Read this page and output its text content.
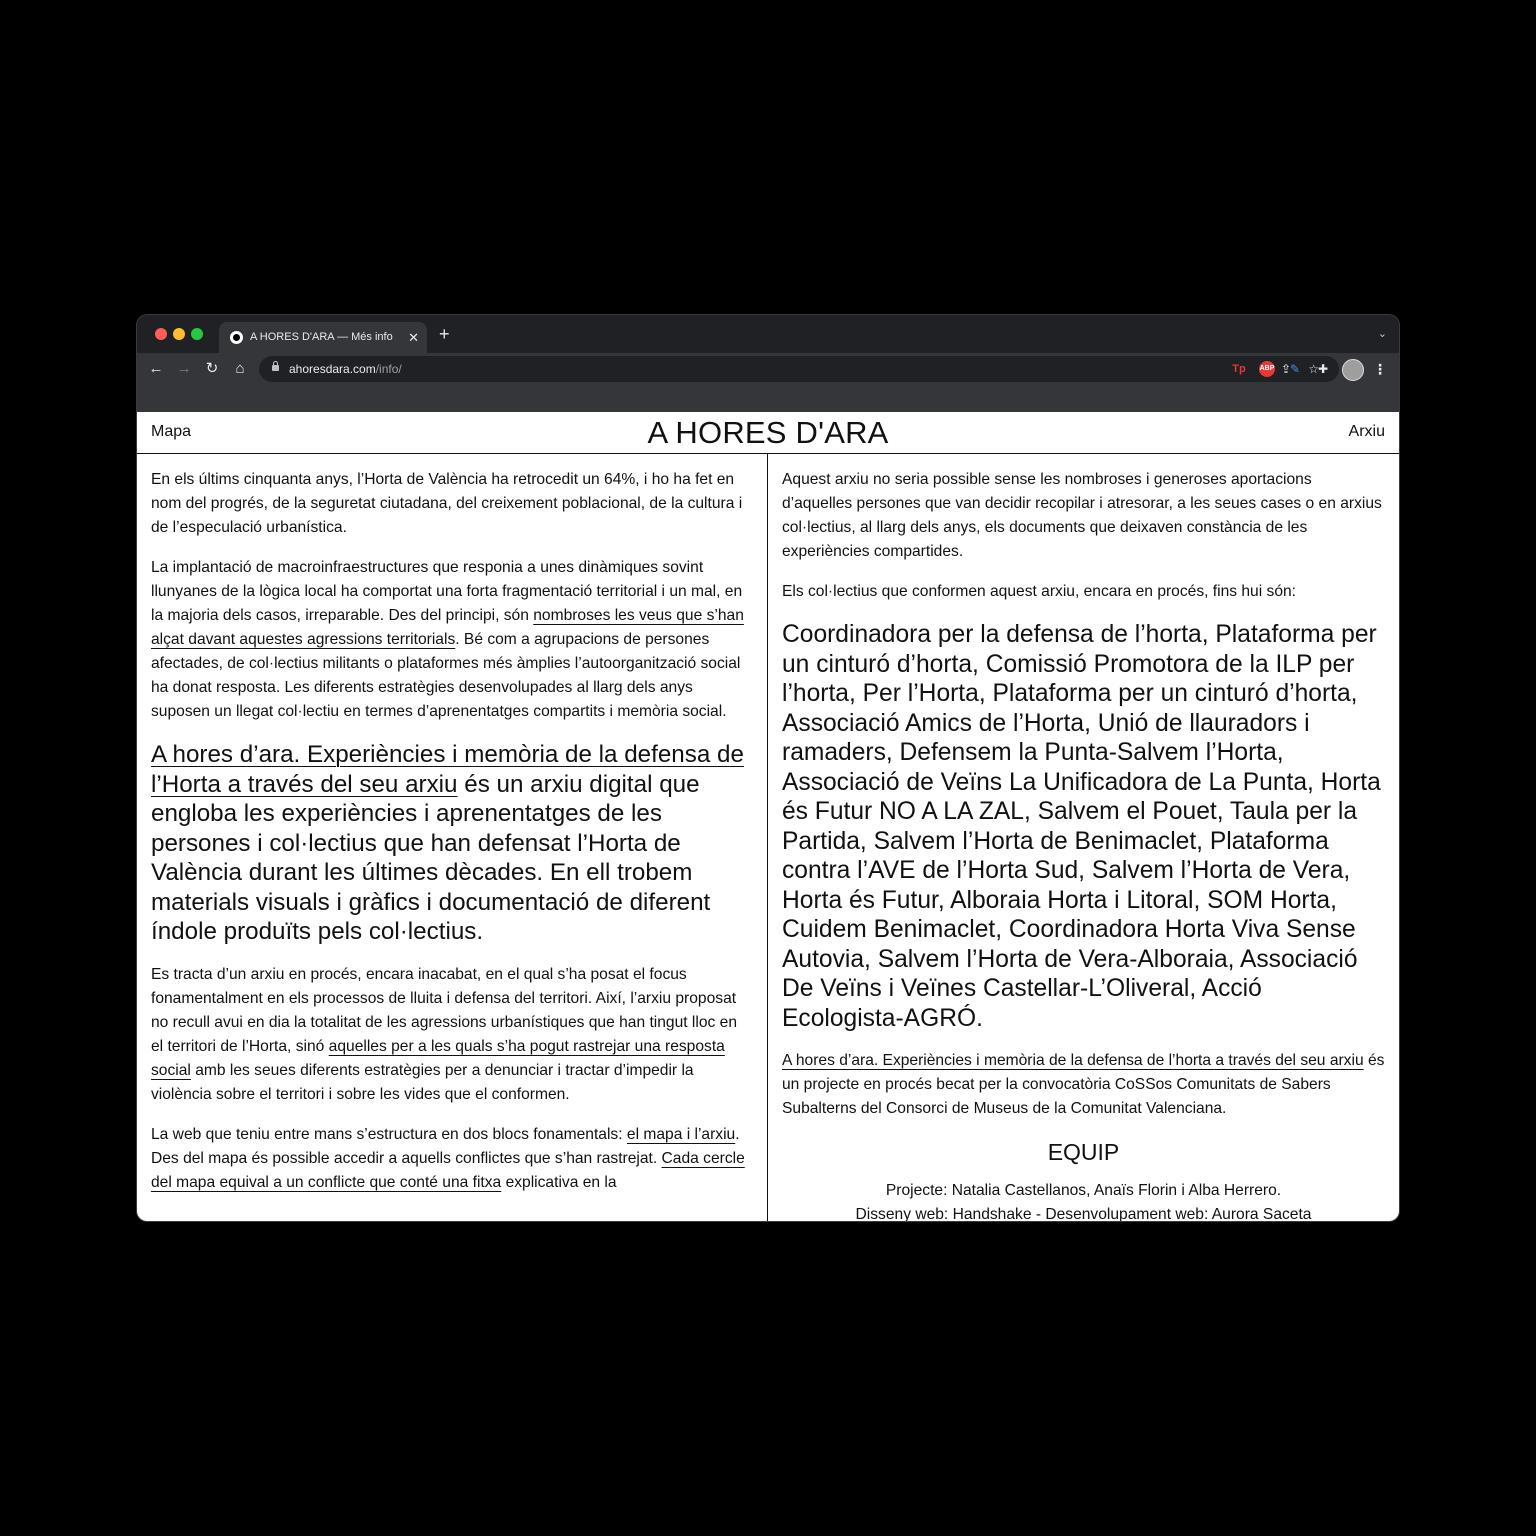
A HORES D'ARA — Més info ✕ +	⌄
← → ↻	⌂	ahoresdara.com/info/	⇪ ☆
Tp ABP ✎ ✚	⋮
Mapa	A HORES D'ARA	Arxiu

En els últims cinquanta anys, l’Horta de València ha retrocedit un 64%, i ho ha fet en nom del progrés, de la seguretat ciutadana, del creixement poblacional, de la cultura i de l’especulació urbanística.

La implantació de macroinfraestructures que responia a unes dinàmiques sovint llunyanes de la lògica local ha comportat una forta fragmentació territorial i un mal, en la majoria dels casos, irreparable. Des del principi, són nombroses les veus que s’han alçat davant aquestes agressions territorials. Bé com a agrupacions de persones afectades, de col·lectius militants o plataformes més àmplies l’autoorganització social ha donat resposta. Les diferents estratègies desenvolupades al llarg dels anys suposen un llegat col·lectiu en termes d’aprenentatges compartits i memòria social.

A hores d’ara. Experiències i memòria de la defensa de l’Horta a través del seu arxiu és un arxiu digital que engloba les experiències i aprenentatges de les persones i col·lectius que han defensat l’Horta de València durant les últimes dècades. En ell trobem materials visuals i gràfics i documentació de diferent índole produïts pels col·lectius.

Es tracta d’un arxiu en procés, encara inacabat, en el qual s’ha posat el focus fonamentalment en els processos de lluita i defensa del territori. Així, l’arxiu proposat no recull avui en dia la totalitat de les agressions urbanístiques que han tingut lloc en el territori de l’Horta, sinó aquelles per a les quals s’ha pogut rastrejar una resposta social amb les seues diferents estratègies per a denunciar i tractar d’impedir la violència sobre el territori i sobre les vides que el conformen.

La web que teniu entre mans s’estructura en dos blocs fonamentals: el mapa i l’arxiu. Des del mapa és possible accedir a aquells conflictes que s’han rastrejat. Cada cercle del mapa equival a un conflicte que conté una fitxa explicativa en la

Aquest arxiu no seria possible sense les nombroses i generoses aportacions d’aquelles persones que van decidir recopilar i atresorar, a les seues cases o en arxius col·lectius, al llarg dels anys, els documents que deixaven constància de les experiències compartides.

Els col·lectius que conformen aquest arxiu, encara en procés, fins hui són:

Coordinadora per la defensa de l’horta, Plataforma per un cinturó d’horta, Comissió Promotora de la ILP per l’horta, Per l’Horta, Plataforma per un cinturó d’horta, Associació Amics de l’Horta, Unió de llauradors i ramaders, Defensem la Punta-Salvem l’Horta, Associació de Veïns La Unificadora de La Punta, Horta és Futur NO A LA ZAL, Salvem el Pouet, Taula per la Partida, Salvem l’Horta de Benimaclet, Plataforma contra l’AVE de l’Horta Sud, Salvem l’Horta de Vera, Horta és Futur, Alboraia Horta i Litoral, SOM Horta, Cuidem Benimaclet, Coordinadora Horta Viva Sense Autovia, Salvem l’Horta de Vera-Alboraia, Associació De Veïns i Veïnes Castellar-L’Oliveral, Acció Ecologista-AGRÓ.

A hores d’ara. Experiències i memòria de la defensa de l’horta a través del seu arxiu és un projecte en procés becat per la convocatòria CoSSos Comunitats de Sabers Subalterns del Consorci de Museus de la Comunitat Valenciana.

EQUIP

Projecte: Natalia Castellanos, Anaïs Florin i Alba Herrero.

Disseny web: Handshake - Desenvolupament web: Aurora Saceta
